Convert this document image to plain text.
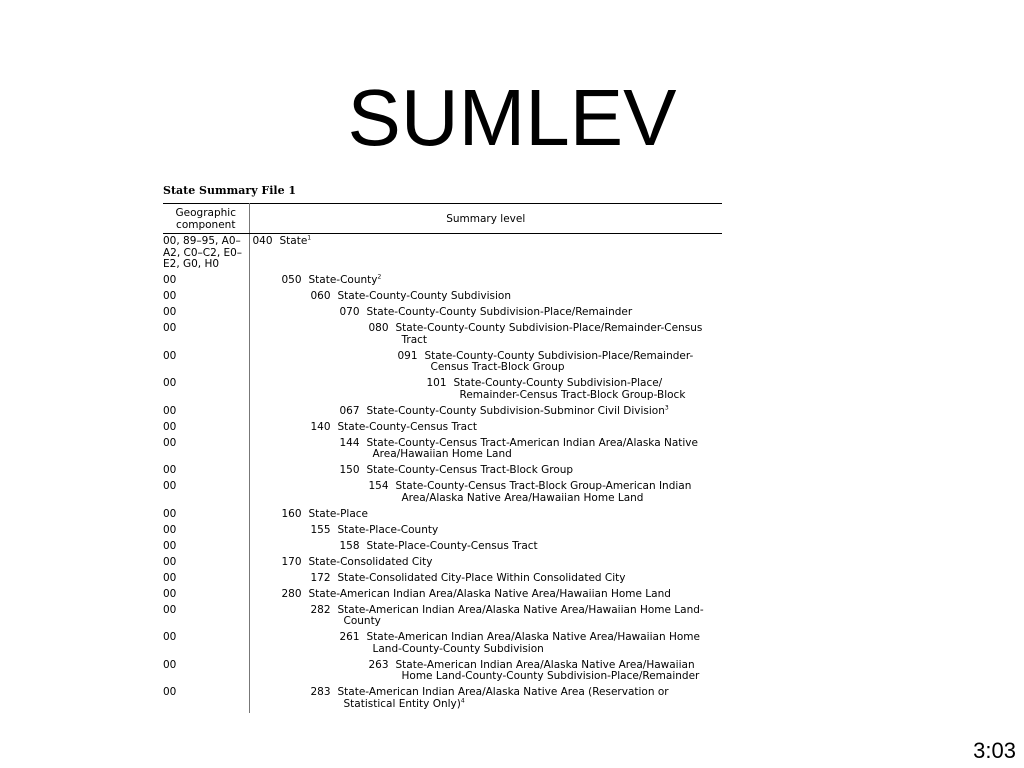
SUMLEV
State Summary File 1
Geographic component	Summary level
00, 89–95, A0–A2, C0–C2, E0–E2, G0, H0	040 State$^1$

00	050 State-County$^2$

00	060 State-County-County Subdivision

00	070 State-County-County Subdivision-Place/Remainder

00	080 State-County-County Subdivision-Place/Remainder-Census Tract

00	091 State-County-County Subdivision-Place/Remainder-Census Tract-Block Group

00	101 State-County-County Subdivision-Place/ Remainder-Census Tract-Block Group-Block

00	067 State-County-County Subdivision-Subminor Civil Division$^3$

00	140 State-County-Census Tract

00	144 State-County-Census Tract-American Indian Area/Alaska Native Area/Hawaiian Home Land

00	150 State-County-Census Tract-Block Group

00	154 State-County-Census Tract-Block Group-American Indian Area/Alaska Native Area/Hawaiian Home Land

00	160 State-Place

00	155 State-Place-County

00	158 State-Place-County-Census Tract

00	170 State-Consolidated City

00	172 State-Consolidated City-Place Within Consolidated City

00	280 State-American Indian Area/Alaska Native Area/Hawaiian Home Land

00	282 State-American Indian Area/Alaska Native Area/Hawaiian Home Land-County

00	261 State-American Indian Area/Alaska Native Area/Hawaiian Home Land-County-County Subdivision

00	263 State-American Indian Area/Alaska Native Area/Hawaiian Home Land-County-County Subdivision-Place/Remainder

00	283 State-American Indian Area/Alaska Native Area (Reservation or Statistical Entity Only)$^4$
3:03
